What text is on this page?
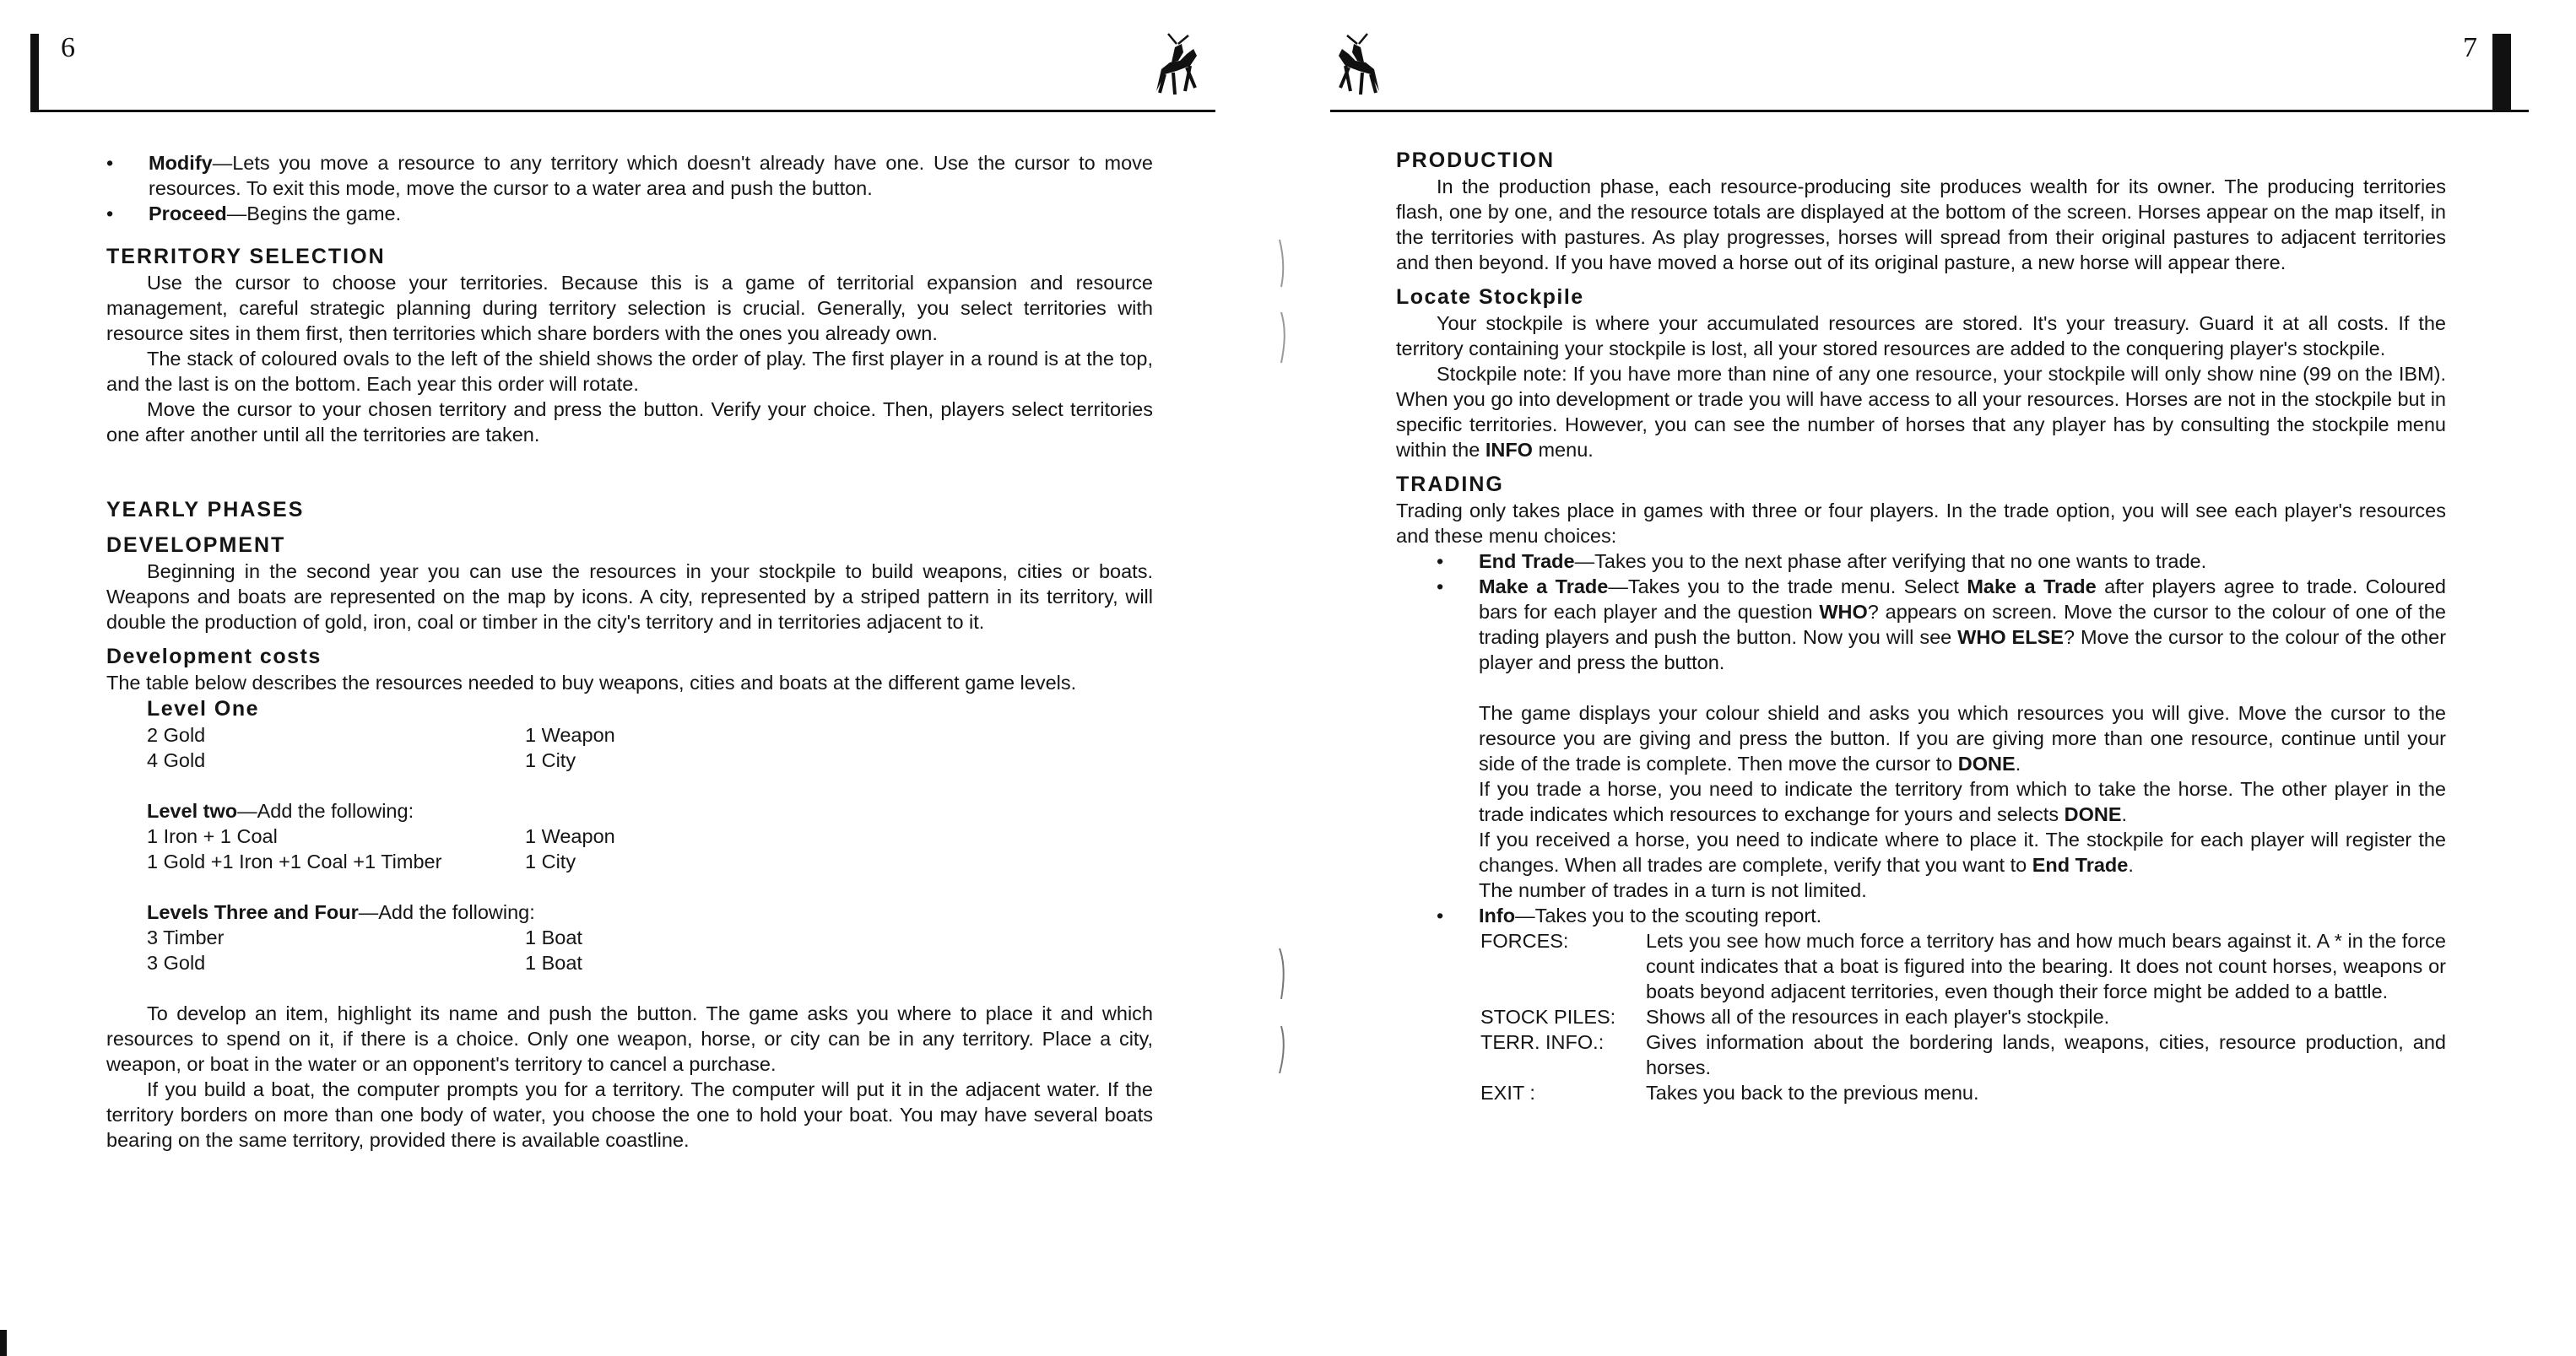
6
• Modify—Lets you move a resource to any territory which doesn't already have one. Use the cursor to move resources. To exit this mode, move the cursor to a water area and push the button.

• Proceed—Begins the game.

TERRITORY SELECTION

Use the cursor to choose your territories. Because this is a game of territorial expansion and resource management, careful strategic planning during territory selection is crucial. Generally, you select territories with resource sites in them first, then territories which share borders with the ones you already own.

The stack of coloured ovals to the left of the shield shows the order of play. The first player in a round is at the top, and the last is on the bottom. Each year this order will rotate.

Move the cursor to your chosen territory and press the button. Verify your choice. Then, players select territories one after another until all the territories are taken.

YEARLY PHASES
DEVELOPMENT

Beginning in the second year you can use the resources in your stockpile to build weapons, cities or boats. Weapons and boats are represented on the map by icons. A city, represented by a striped pattern in its territory, will double the production of gold, iron, coal or timber in the city's territory and in territories adjacent to it.

Development costs

The table below describes the resources needed to buy weapons, cities and boats at the different game levels.

Level One
2 Gold	1 Weapon
4 Gold	1 City
Level two—Add the following:
1 Iron + 1 Coal	1 Weapon
1 Gold +1 Iron +1 Coal +1 Timber	1 City
Levels Three and Four—Add the following:
3 Timber	1 Boat
3 Gold	1 Boat

To develop an item, highlight its name and push the button. The game asks you where to place it and which resources to spend on it, if there is a choice. Only one weapon, horse, or city can be in any territory. Place a city, weapon, or boat in the water or an opponent's territory to cancel a purchase.

If you build a boat, the computer prompts you for a territory. The computer will put it in the adjacent water. If the territory borders on more than one body of water, you choose the one to hold your boat. You may have several boats bearing on the same territory, provided there is available coastline.

7
PRODUCTION

In the production phase, each resource-producing site produces wealth for its owner. The producing territories flash, one by one, and the resource totals are displayed at the bottom of the screen. Horses appear on the map itself, in the territories with pastures. As play progresses, horses will spread from their original pastures to adjacent territories and then beyond. If you have moved a horse out of its original pasture, a new horse will appear there.

Locate Stockpile

Your stockpile is where your accumulated resources are stored. It's your treasury. Guard it at all costs. If the territory containing your stockpile is lost, all your stored resources are added to the conquering player's stockpile.

Stockpile note: If you have more than nine of any one resource, your stockpile will only show nine (99 on the IBM). When you go into development or trade you will have access to all your resources. Horses are not in the stockpile but in specific territories. However, you can see the number of horses that any player has by consulting the stockpile menu within the INFO menu.

TRADING

Trading only takes place in games with three or four players. In the trade option, you will see each player's resources and these menu choices:

• End Trade—Takes you to the next phase after verifying that no one wants to trade.

• Make a Trade—Takes you to the trade menu. Select Make a Trade after players agree to trade. Coloured bars for each player and the question WHO? appears on screen. Move the cursor to the colour of one of the trading players and push the button. Now you will see WHO ELSE? Move the cursor to the colour of the other player and press the button.

The game displays your colour shield and asks you which resources you will give. Move the cursor to the resource you are giving and press the button. If you are giving more than one resource, continue until your side of the trade is complete. Then move the cursor to DONE.

If you trade a horse, you need to indicate the territory from which to take the horse. The other player in the trade indicates which resources to exchange for yours and selects DONE.

If you received a horse, you need to indicate where to place it. The stockpile for each player will register the changes. When all trades are complete, verify that you want to End Trade.

The number of trades in a turn is not limited.

• Info—Takes you to the scouting report.

FORCES:	Lets you see how much force a territory has and how much bears against it. A * in the force count indicates that a boat is figured into the bearing. It does not count horses, weapons or boats beyond adjacent territories, even though their force might be added to a battle.
STOCK PILES:	Shows all of the resources in each player's stockpile.
TERR. INFO.:	Gives information about the bordering lands, weapons, cities, resource production, and horses.
EXIT :	Takes you back to the previous menu.
